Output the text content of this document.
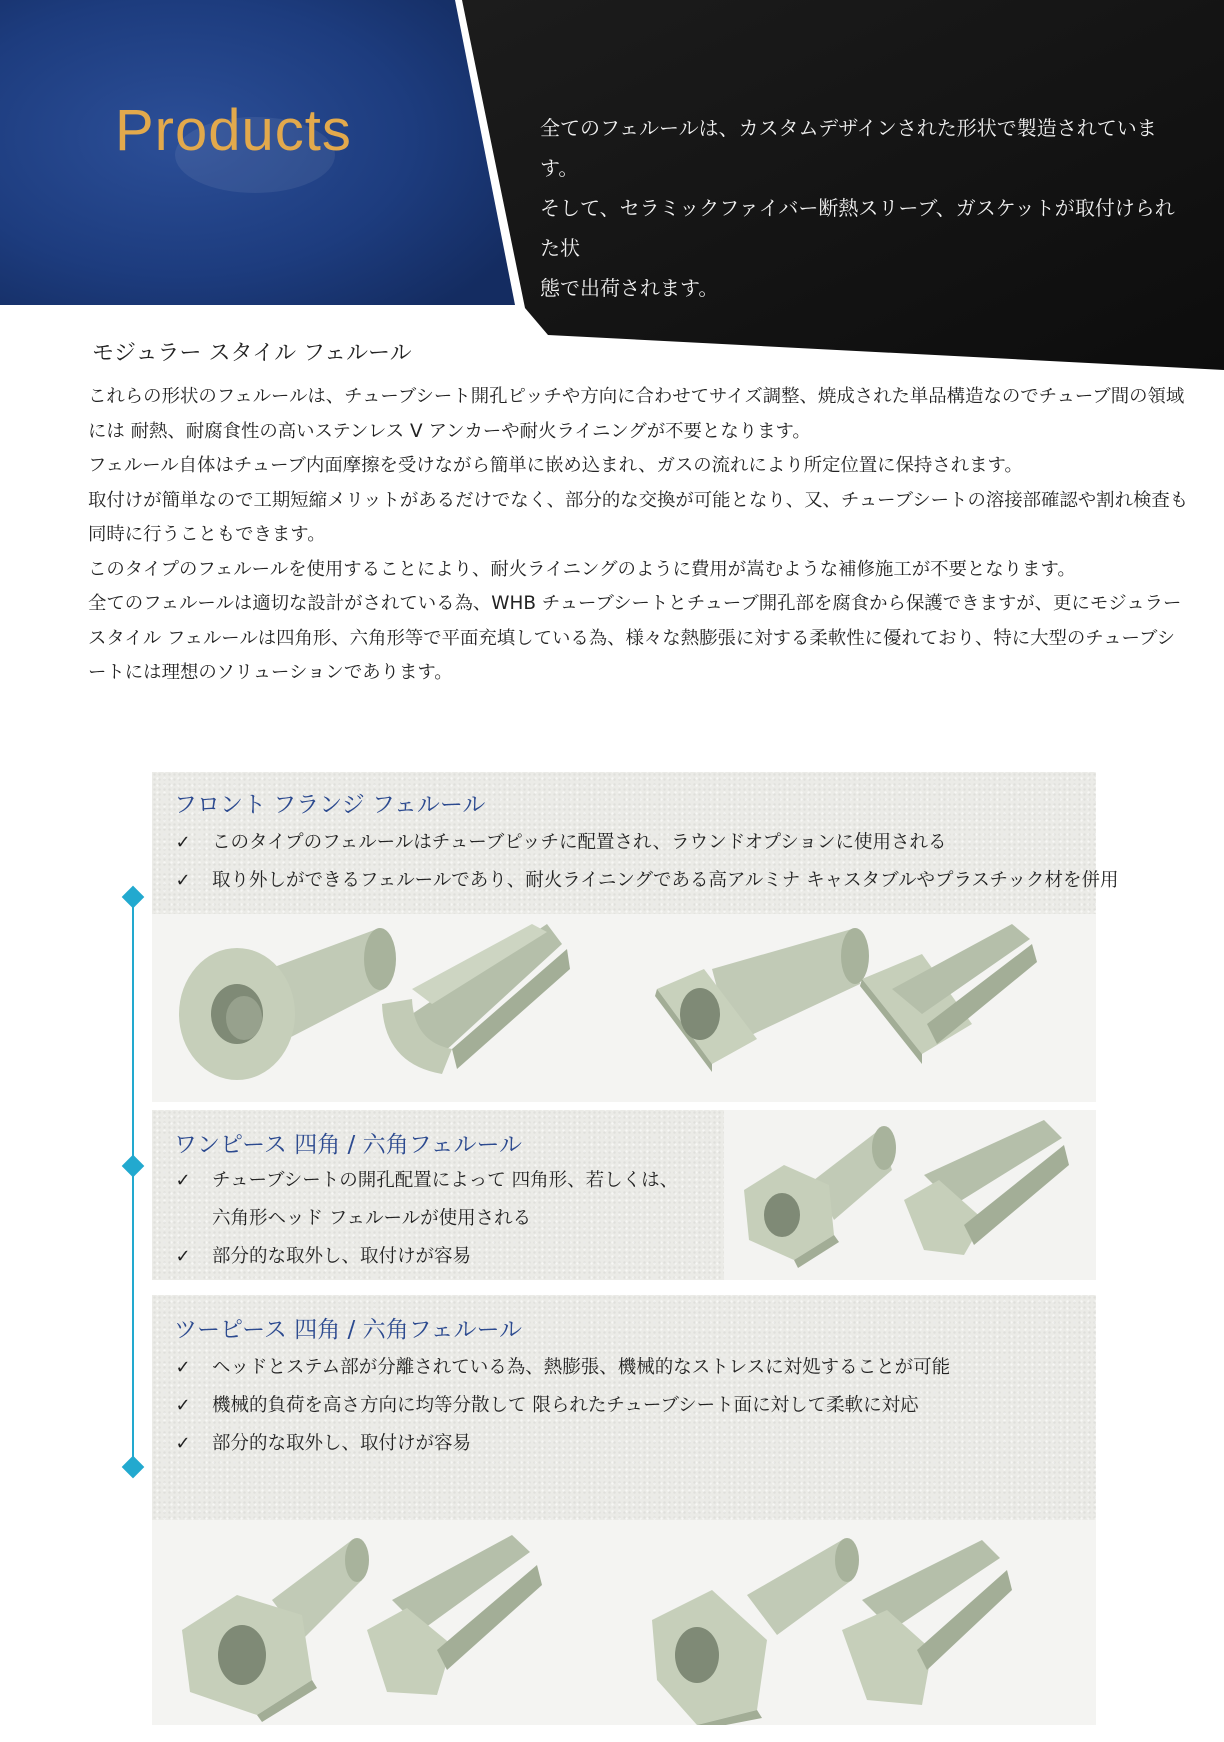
Products	全てのフェルールは、カスタムデザインされた形状で製造されています。
そして、セラミックファイバー断熱スリーブ、ガスケットが取付けられた状
態で出荷されます。
モジュラー スタイル フェルール

これらの形状のフェルールは、チューブシート開孔ピッチや方向に合わせてサイズ調整、焼成された単品構造なのでチューブ間の領域には 耐熱、耐腐食性の高いステンレス V アンカーや耐火ライニングが不要となります。

フェルール自体はチューブ内面摩擦を受けながら簡単に嵌め込まれ、ガスの流れにより所定位置に保持されます。

取付けが簡単なので工期短縮メリットがあるだけでなく、部分的な交換が可能となり、又、チューブシートの溶接部確認や割れ検査も同時に行うこともできます。

このタイプのフェルールを使用することにより、耐火ライニングのように費用が嵩むような補修施工が不要となります。

全てのフェルールは適切な設計がされている為、WHB チューブシートとチューブ開孔部を腐食から保護できますが、更にモジュラースタイル フェルールは四角形、六角形等で平面充填している為、様々な熱膨張に対する柔軟性に優れており、特に大型のチューブシートには理想のソリューションであります。

フロント フランジ フェルール
✓	このタイプのフェルールはチューブピッチに配置され、ラウンドオプションに使用される
✓	取り外しができるフェルールであり、耐火ライニングである高アルミナ キャスタブルやプラスチック材を併用
ワンピース 四角 / 六角フェルール
✓	チューブシートの開孔配置によって 四角形、若しくは、
六角形ヘッド フェルールが使用される
✓	部分的な取外し、取付けが容易
ツーピース 四角 / 六角フェルール
✓	ヘッドとステム部が分離されている為、熱膨張、機械的なストレスに対処することが可能
✓	機械的負荷を高さ方向に均等分散して 限られたチューブシート面に対して柔軟に対応
✓	部分的な取外し、取付けが容易
